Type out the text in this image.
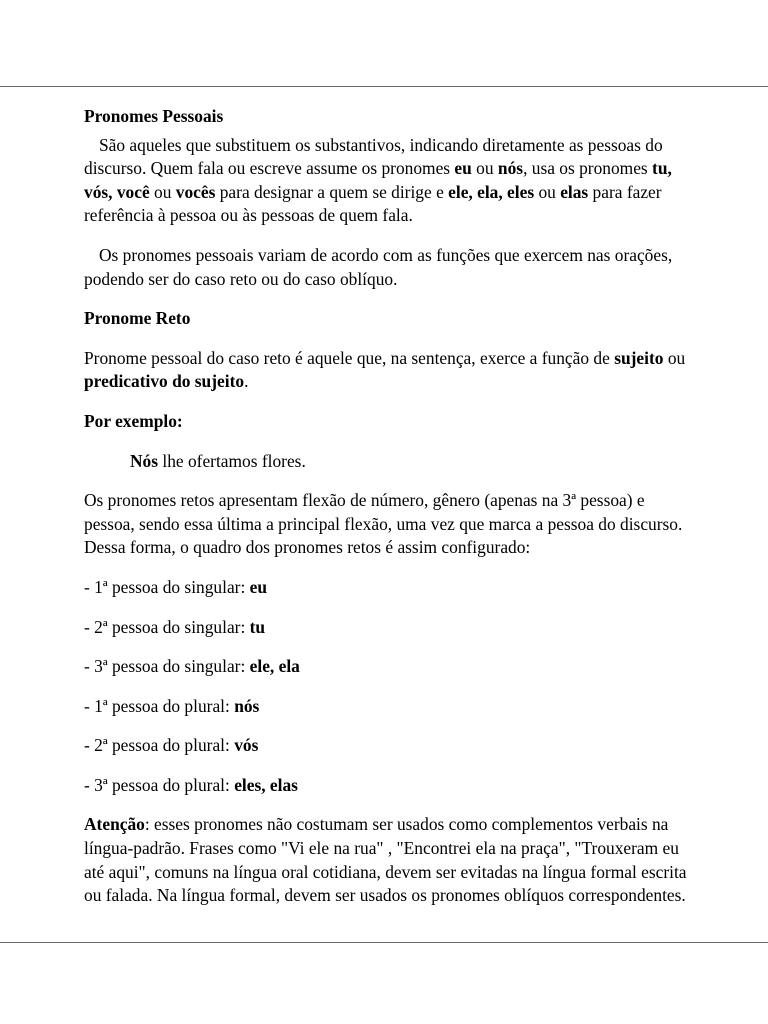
Pronomes Pessoais

São aqueles que substituem os substantivos, indicando diretamente as pessoas do discurso. Quem fala ou escreve assume os pronomes eu ou nós, usa os pronomes tu, vós, você ou vocês para designar a quem se dirige e ele, ela, eles ou elas para fazer referência à pessoa ou às pessoas de quem fala.

Os pronomes pessoais variam de acordo com as funções que exercem nas orações, podendo ser do caso reto ou do caso oblíquo.

Pronome Reto

Pronome pessoal do caso reto é aquele que, na sentença, exerce a função de sujeito ou predicativo do sujeito.

Por exemplo:

Nós lhe ofertamos flores.

Os pronomes retos apresentam flexão de número, gênero (apenas na 3ª pessoa) e pessoa, sendo essa última a principal flexão, uma vez que marca a pessoa do discurso. Dessa forma, o quadro dos pronomes retos é assim configurado:

- 1ª pessoa do singular: eu

- 2ª pessoa do singular: tu

- 3ª pessoa do singular: ele, ela

- 1ª pessoa do plural: nós

- 2ª pessoa do plural: vós

- 3ª pessoa do plural: eles, elas

Atenção: esses pronomes não costumam ser usados como complementos verbais na língua-padrão. Frases como "Vi ele na rua" , "Encontrei ela na praça", "Trouxeram eu até aqui", comuns na língua oral cotidiana, devem ser evitadas na língua formal escrita ou falada. Na língua formal, devem ser usados os pronomes oblíquos correspondentes.
